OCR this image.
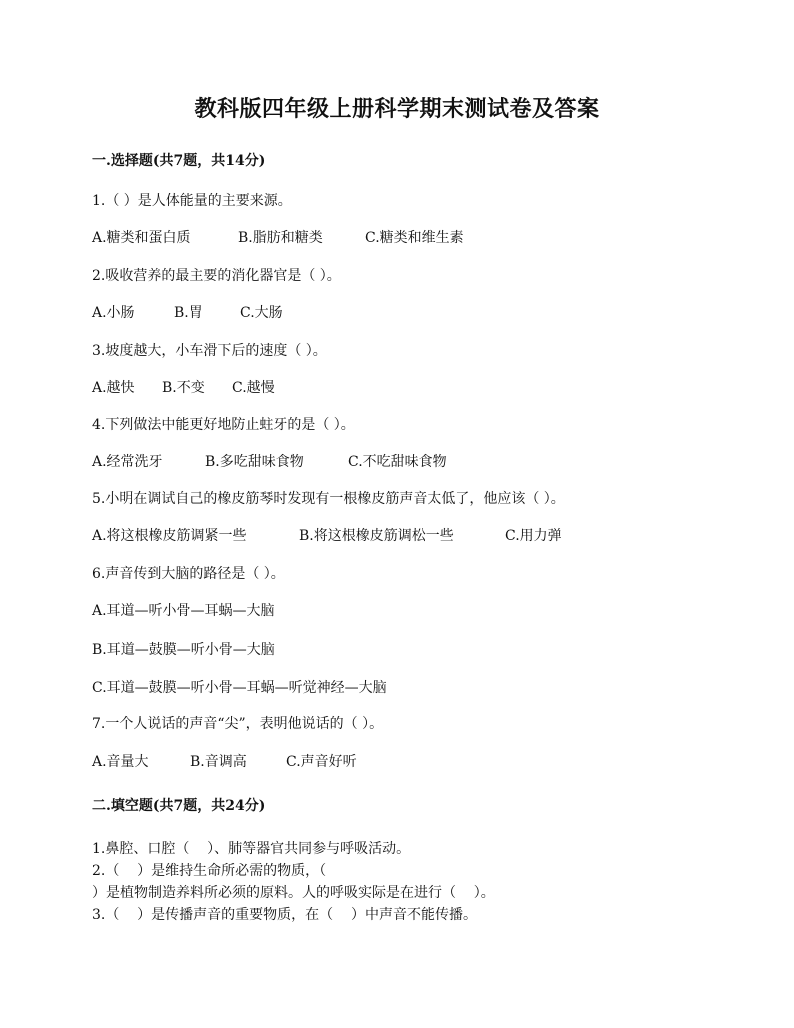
教科版四年级上册科学期末测试卷及答案
一.选择题(共7题，共14分)
1.（ ）是人体能量的主要来源。
A.糖类和蛋白质	B.脂肪和糖类	C.糖类和维生素
2.吸收营养的最主要的消化器官是（ ）。
A.小肠	B.胃	C.大肠
3.坡度越大，小车滑下后的速度（ ）。
A.越快 B.不变 C.越慢
4.下列做法中能更好地防止蛀牙的是（ ）。
A.经常洗牙	B.多吃甜味食物	C.不吃甜味食物
5.小明在调试自己的橡皮筋琴时发现有一根橡皮筋声音太低了，他应该（ ）。
A.将这根橡皮筋调紧一些	B.将这根橡皮筋调松一些	C.用力弹
6.声音传到大脑的路径是（ ）。
A.耳道—听小骨—耳蜗—大脑
B.耳道—鼓膜—听小骨—大脑
C.耳道—鼓膜—听小骨—耳蜗—听觉神经—大脑
7.一个人说话的声音“尖”，表明他说话的（ ）。
A.音量大	B.音调高	C.声音好听
二.填空题(共7题，共24分)
1.鼻腔、口腔（    ）、肺等器官共同参与呼吸活动。
2.（    ）是维持生命所必需的物质，（
）是植物制造养料所必须的原料。人的呼吸实际是在进行（    ）。
3.（    ）是传播声音的重要物质，在（    ）中声音不能传播。
